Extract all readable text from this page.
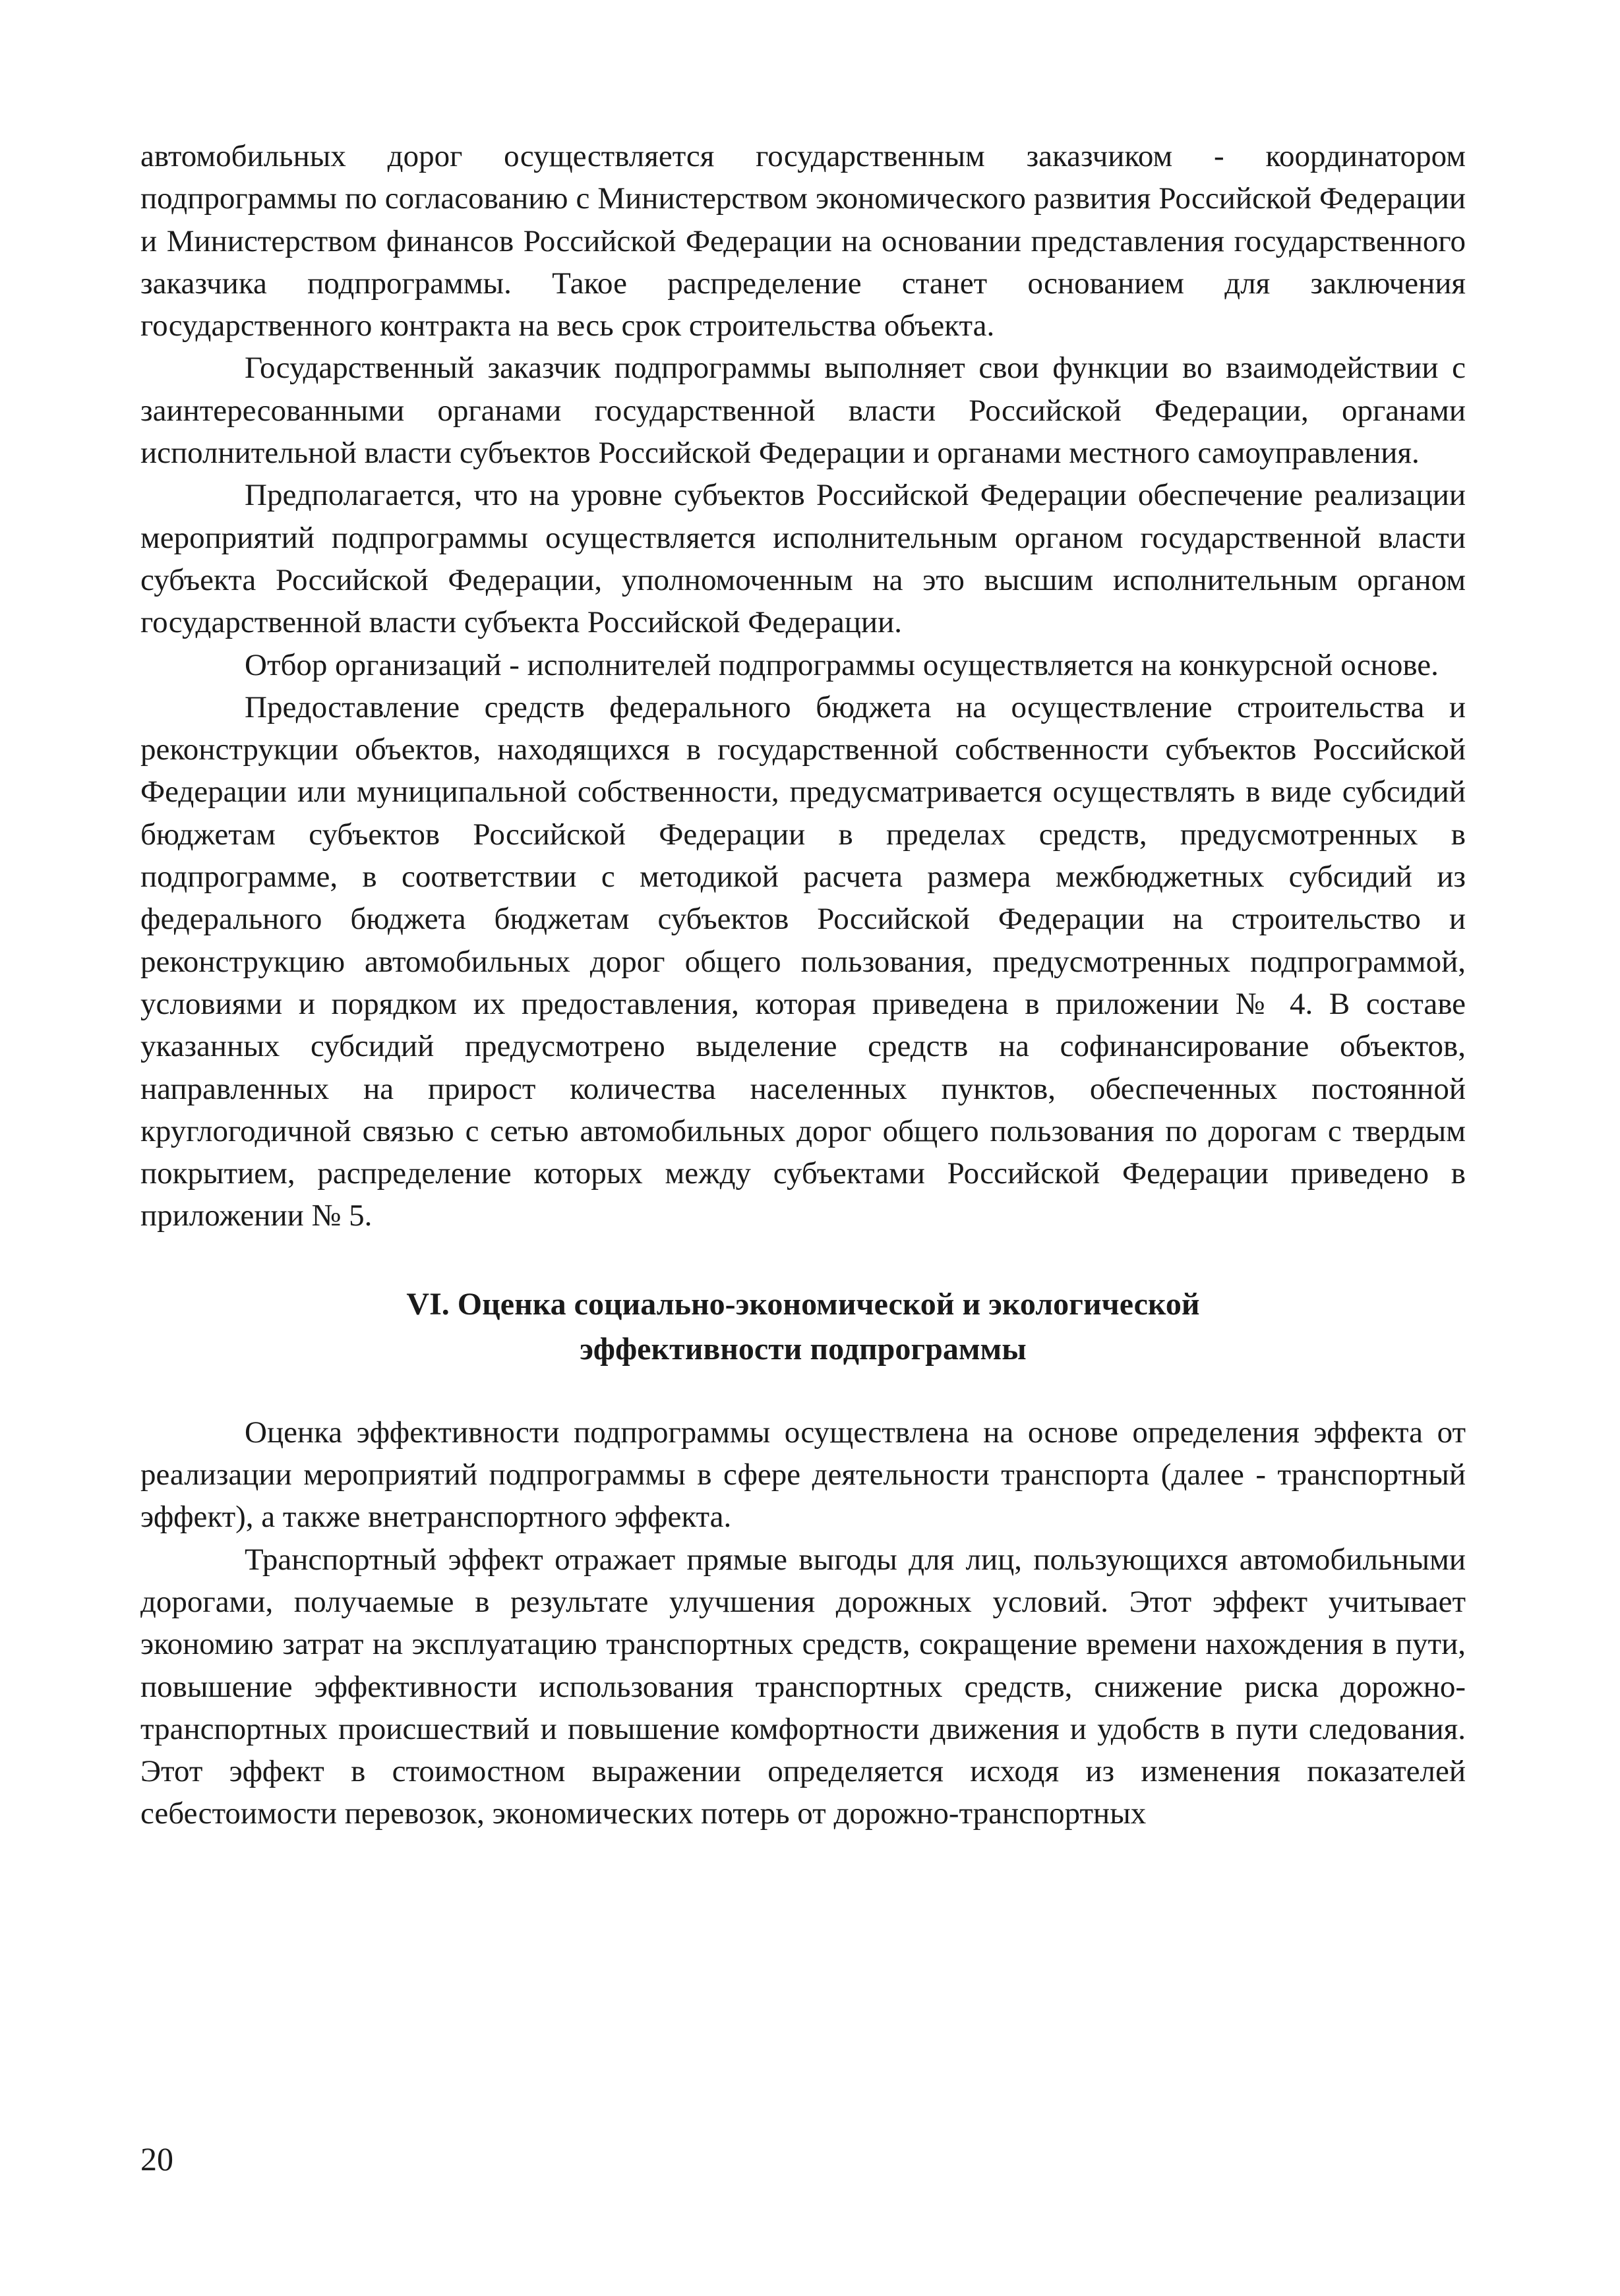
автомобильных дорог осуществляется государственным заказчиком - координатором подпрограммы по согласованию с Министерством экономического развития Российской Федерации и Министерством финансов Российской Федерации на основании представления государственного заказчика подпрограммы. Такое распределение станет основанием для заключения государственного контракта на весь срок строительства объекта.

Государственный заказчик подпрограммы выполняет свои функции во взаимодействии с заинтересованными органами государственной власти Российской Федерации, органами исполнительной власти субъектов Российской Федерации и органами местного самоуправления.

Предполагается, что на уровне субъектов Российской Федерации обеспечение реализации мероприятий подпрограммы осуществляется исполнительным органом государственной власти субъекта Российской Федерации, уполномоченным на это высшим исполнительным органом государственной власти субъекта Российской Федерации.

Отбор организаций - исполнителей подпрограммы осуществляется на конкурсной основе.

Предоставление средств федерального бюджета на осуществление строительства и реконструкции объектов, находящихся в государственной собственности субъектов Российской Федерации или муниципальной собственности, предусматривается осуществлять в виде субсидий бюджетам субъектов Российской Федерации в пределах средств, предусмотренных в подпрограмме, в соответствии с методикой расчета размера межбюджетных субсидий из федерального бюджета бюджетам субъектов Российской Федерации на строительство и реконструкцию автомобильных дорог общего пользования, предусмотренных подпрограммой, условиями и порядком их предоставления, которая приведена в приложении № 4. В составе указанных субсидий предусмотрено выделение средств на софинансирование объектов, направленных на прирост количества населенных пунктов, обеспеченных постоянной круглогодичной связью с сетью автомобильных дорог общего пользования по дорогам с твердым покрытием, распределение которых между субъектами Российской Федерации приведено в приложении № 5.

VI. Оценка социально-экономической и экологической
эффективности подпрограммы

Оценка эффективности подпрограммы осуществлена на основе определения эффекта от реализации мероприятий подпрограммы в сфере деятельности транспорта (далее - транспортный эффект), а также внетранспортного эффекта.

Транспортный эффект отражает прямые выгоды для лиц, пользующихся автомобильными дорогами, получаемые в результате улучшения дорожных условий. Этот эффект учитывает экономию затрат на эксплуатацию транспортных средств, сокращение времени нахождения в пути, повышение эффективности использования транспортных средств, снижение риска дорожно-транспортных происшествий и повышение комфортности движения и удобств в пути следования. Этот эффект в стоимостном выражении определяется исходя из изменения показателей себестоимости перевозок, экономических потерь от дорожно-транспортных

20
